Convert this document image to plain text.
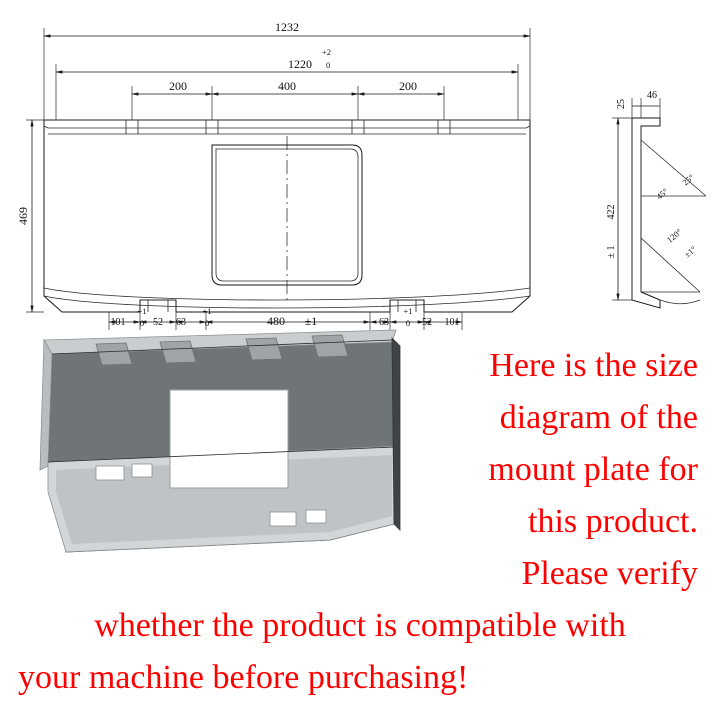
1232
1220
+2
0
200	400	200
469
101
+1
0 52 63
+1
0	480 ±1	63
+1
0 52 101
25
46
422
± 1
45°
25°
120°
±1°
Here is the size
diagram of the
mount plate for
this product.
Please verify
whether the product is compatible with
your machine before purchasing!
